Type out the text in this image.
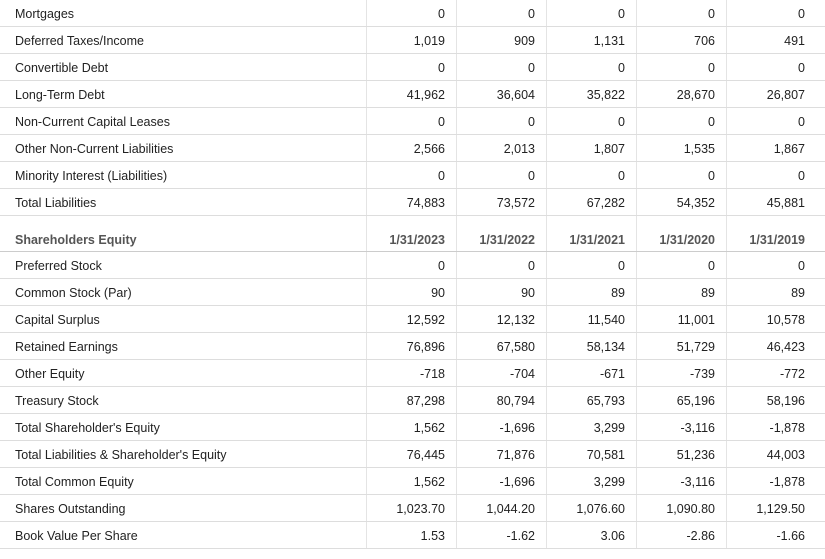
Mortgages	0	0	0	0	0
Deferred Taxes/Income	1,019	909	1,131	706	491
Convertible Debt	0	0	0	0	0
Long-Term Debt	41,962	36,604	35,822	28,670	26,807
Non-Current Capital Leases	0	0	0	0	0
Other Non-Current Liabilities	2,566	2,013	1,807	1,535	1,867
Minority Interest (Liabilities)	0	0	0	0	0
Total Liabilities	74,883	73,572	67,282	54,352	45,881
Shareholders Equity	1/31/2023	1/31/2022	1/31/2021	1/31/2020	1/31/2019
Preferred Stock	0	0	0	0	0
Common Stock (Par)	90	90	89	89	89
Capital Surplus	12,592	12,132	11,540	11,001	10,578
Retained Earnings	76,896	67,580	58,134	51,729	46,423
Other Equity	-718	-704	-671	-739	-772
Treasury Stock	87,298	80,794	65,793	65,196	58,196
Total Shareholder's Equity	1,562	-1,696	3,299	-3,116	-1,878
Total Liabilities & Shareholder's Equity	76,445	71,876	70,581	51,236	44,003
Total Common Equity	1,562	-1,696	3,299	-3,116	-1,878
Shares Outstanding	1,023.70	1,044.20	1,076.60	1,090.80	1,129.50
Book Value Per Share	1.53	-1.62	3.06	-2.86	-1.66
